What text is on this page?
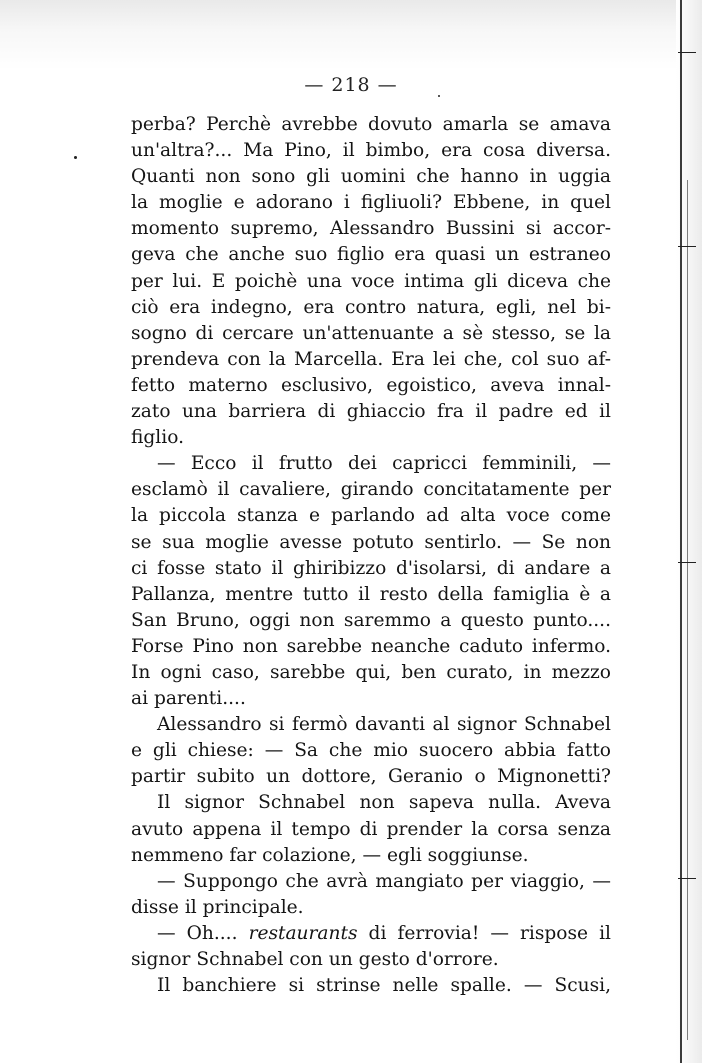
— 218 —
perba? Perchè avrebbe dovuto amarla se amava
un'altra?... Ma Pino, il bimbo, era cosa diversa.
Quanti non sono gli uomini che hanno in uggia
la moglie e adorano i figliuoli? Ebbene, in quel
momento supremo, Alessandro Bussini si accor-
geva che anche suo figlio era quasi un estraneo
per lui. E poichè una voce intima gli diceva che
ciò era indegno, era contro natura, egli, nel bi-
sogno di cercare un'attenuante a sè stesso, se la
prendeva con la Marcella. Era lei che, col suo af-
fetto materno esclusivo, egoistico, aveva innal-
zato una barriera di ghiaccio fra il padre ed il
figlio.
— Ecco il frutto dei capricci femminili, —
esclamò il cavaliere, girando concitatamente per
la piccola stanza e parlando ad alta voce come
se sua moglie avesse potuto sentirlo. — Se non
ci fosse stato il ghiribizzo d'isolarsi, di andare a
Pallanza, mentre tutto il resto della famiglia è a
San Bruno, oggi non saremmo a questo punto....
Forse Pino non sarebbe neanche caduto infermo.
In ogni caso, sarebbe qui, ben curato, in mezzo
ai parenti....
Alessandro si fermò davanti al signor Schnabel
e gli chiese: — Sa che mio suocero abbia fatto
partir subito un dottore, Geranio o Mignonetti?
Il signor Schnabel non sapeva nulla. Aveva
avuto appena il tempo di prender la corsa senza
nemmeno far colazione, — egli soggiunse.
— Suppongo che avrà mangiato per viaggio, —
disse il principale.
— Oh.... restaurants di ferrovia! — rispose il
signor Schnabel con un gesto d'orrore.
Il banchiere si strinse nelle spalle. — Scusi,
